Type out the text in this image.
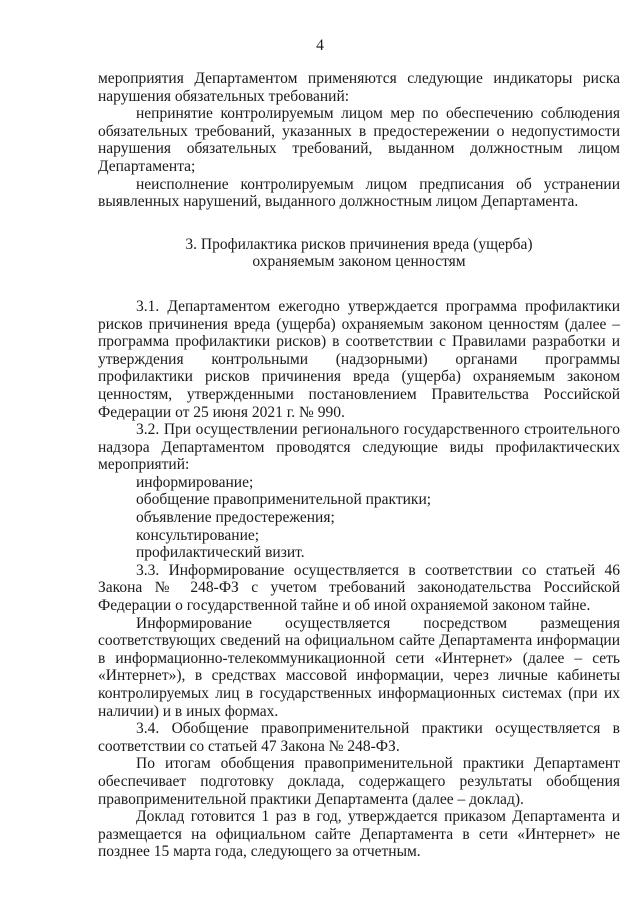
4

мероприятия Департаментом применяются следующие индикаторы риска нарушения обязательных требований:

непринятие контролируемым лицом мер по обеспечению соблюдения обязательных требований, указанных в предостережении о недопустимости нарушения обязательных требований, выданном должностным лицом Департамента;

неисполнение контролируемым лицом предписания об устранении выявленных нарушений, выданного должностным лицом Департамента.

3. Профилактика рисков причинения вреда (ущерба)
охраняемым законом ценностям

3.1. Департаментом ежегодно утверждается программа профилактики рисков причинения вреда (ущерба) охраняемым законом ценностям (далее – программа профилактики рисков) в соответствии с Правилами разработки и утверждения контрольными (надзорными) органами программы профилактики рисков причинения вреда (ущерба) охраняемым законом ценностям, утвержденными постановлением Правительства Российской Федерации от 25 июня 2021 г. № 990.

3.2. При осуществлении регионального государственного строительного надзора Департаментом проводятся следующие виды профилактических мероприятий:

информирование;

обобщение правоприменительной практики;

объявление предостережения;

консультирование;

профилактический визит.

3.3. Информирование осуществляется в соответствии со статьей 46 Закона № 248-ФЗ с учетом требований законодательства Российской Федерации о государственной тайне и об иной охраняемой законом тайне.

Информирование осуществляется посредством размещения соответствующих сведений на официальном сайте Департамента информации в информационно-телекоммуникационной сети «Интернет» (далее – сеть «Интернет»), в средствах массовой информации, через личные кабинеты контролируемых лиц в государственных информационных системах (при их наличии) и в иных формах.

3.4. Обобщение правоприменительной практики осуществляется в соответствии со статьей 47 Закона № 248-ФЗ.

По итогам обобщения правоприменительной практики Департамент обеспечивает подготовку доклада, содержащего результаты обобщения правоприменительной практики Департамента (далее – доклад).

Доклад готовится 1 раз в год, утверждается приказом Департамента и размещается на официальном сайте Департамента в сети «Интернет» не позднее 15 марта года, следующего за отчетным.
